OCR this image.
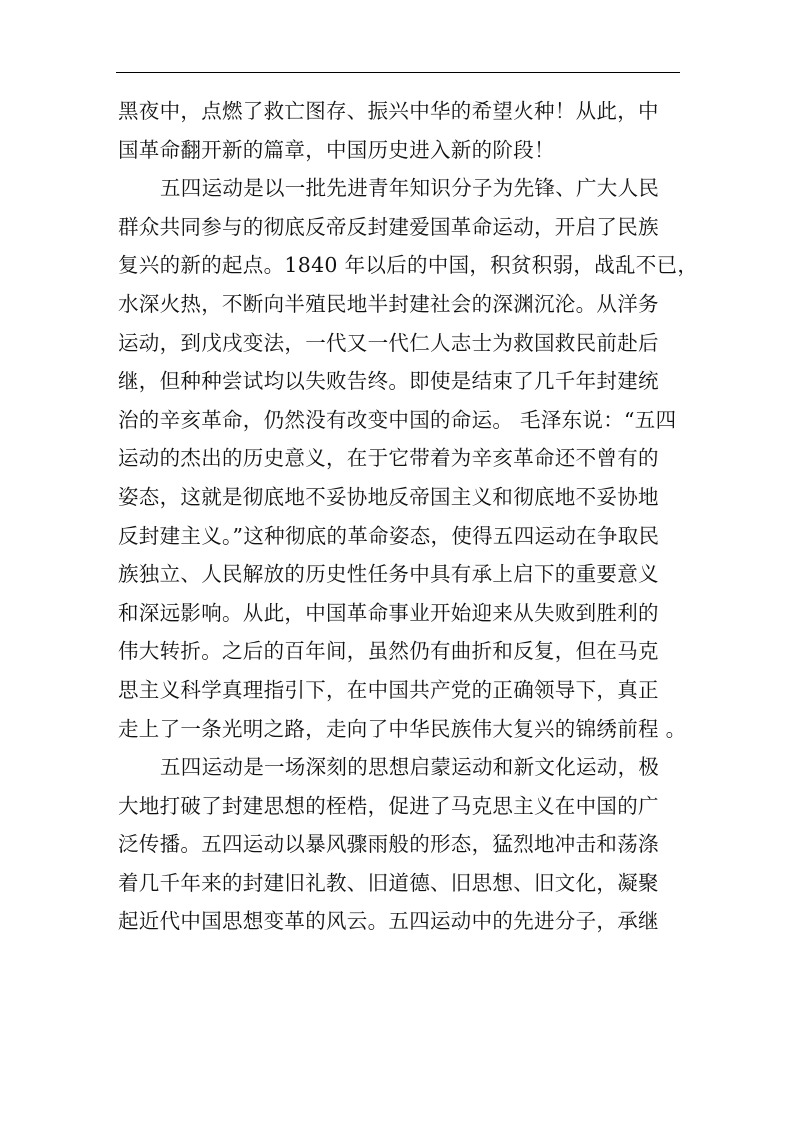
黑夜中，点燃了救亡图存、振兴中华的希望火种！从此，中
国革命翻开新的篇章，中国历史进入新的阶段！
五四运动是以一批先进青年知识分子为先锋、广大人民
群众共同参与的彻底反帝反封建爱国革命运动，开启了民族
复兴的新的起点。1840 年以后的中国，积贫积弱，战乱不已，
水深火热，不断向半殖民地半封建社会的深渊沉沦。从洋务
运动，到戊戌变法，一代又一代仁人志士为救国救民前赴后
继，但种种尝试均以失败告终。即使是结束了几千年封建统
治的辛亥革命，仍然没有改变中国的命运。 毛泽东说：“五四
运动的杰出的历史意义，在于它带着为辛亥革命还不曾有的
姿态，这就是彻底地不妥协地反帝国主义和彻底地不妥协地
反封建主义。”这种彻底的革命姿态，使得五四运动在争取民
族独立、人民解放的历史性任务中具有承上启下的重要意义
和深远影响。从此，中国革命事业开始迎来从失败到胜利的
伟大转折。之后的百年间，虽然仍有曲折和反复，但在马克
思主义科学真理指引下，在中国共产党的正确领导下，真正
走上了一条光明之路，走向了中华民族伟大复兴的锦绣前程 。
五四运动是一场深刻的思想启蒙运动和新文化运动，极
大地打破了封建思想的桎梏，促进了马克思主义在中国的广
泛传播。五四运动以暴风骤雨般的形态，猛烈地冲击和荡涤
着几千年来的封建旧礼教、旧道德、旧思想、旧文化，凝聚
起近代中国思想变革的风云。五四运动中的先进分子，承继
